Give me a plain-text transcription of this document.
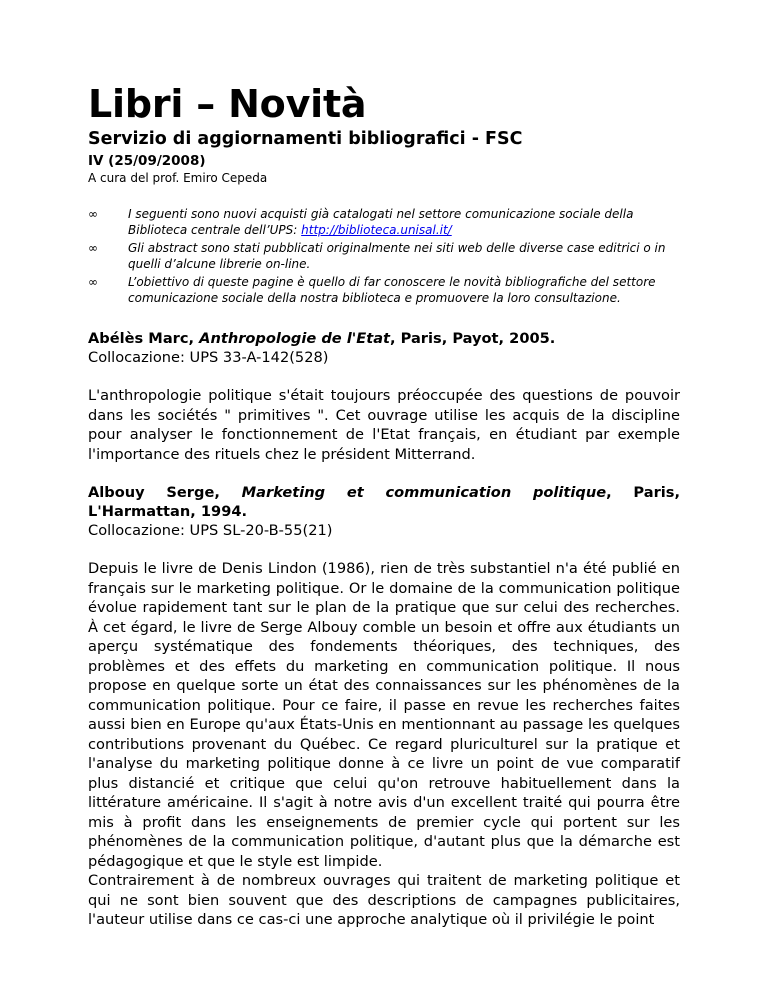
Libri – Novità
Servizio di aggiornamenti bibliografici - FSC
IV (25/09/2008)
A cura del prof. Emiro Cepeda
∞	I seguenti sono nuovi acquisti già catalogati nel settore comunicazione sociale della Biblioteca centrale dell’UPS: http://biblioteca.unisal.it/
∞	Gli abstract sono stati pubblicati originalmente nei siti web delle diverse case editrici o in quelli d’alcune librerie on-line.
∞	L’obiettivo di queste pagine è quello di far conoscere le novità bibliografiche del settore comunicazione sociale della nostra biblioteca e promuovere la loro consultazione.
Abélès Marc, Anthropologie de l'Etat, Paris, Payot, 2005.
Collocazione: UPS 33-A-142(528)

L'anthropologie politique s'était toujours préoccupée des questions de pouvoir dans les sociétés " primitives ". Cet ouvrage utilise les acquis de la discipline pour analyser le fonctionnement de l'Etat français, en étudiant par exemple l'importance des rituels chez le président Mitterrand.

Albouy Serge, Marketing et communication politique, Paris, L'Harmattan, 1994.
Collocazione: UPS SL-20-B-55(21)

Depuis le livre de Denis Lindon (1986), rien de très substantiel n'a été publié en français sur le marketing politique. Or le domaine de la communication politique évolue rapidement tant sur le plan de la pratique que sur celui des recherches. À cet égard, le livre de Serge Albouy comble un besoin et offre aux étudiants un aperçu systématique des fondements théoriques, des techniques, des problèmes et des effets du marketing en communication politique. Il nous propose en quelque sorte un état des connaissances sur les phénomènes de la communication politique. Pour ce faire, il passe en revue les recherches faites aussi bien en Europe qu'aux États-Unis en mentionnant au passage les quelques contributions provenant du Québec. Ce regard pluriculturel sur la pratique et l'analyse du marketing politique donne à ce livre un point de vue comparatif plus distancié et critique que celui qu'on retrouve habituellement dans la littérature américaine. Il s'agit à notre avis d'un excellent traité qui pourra être mis à profit dans les enseignements de premier cycle qui portent sur les phénomènes de la communication politique, d'autant plus que la démarche est pédagogique et que le style est limpide.

Contrairement à de nombreux ouvrages qui traitent de marketing politique et qui ne sont bien souvent que des descriptions de campagnes publicitaires, l'auteur utilise dans ce cas-ci une approche analytique où il privilégie le point
